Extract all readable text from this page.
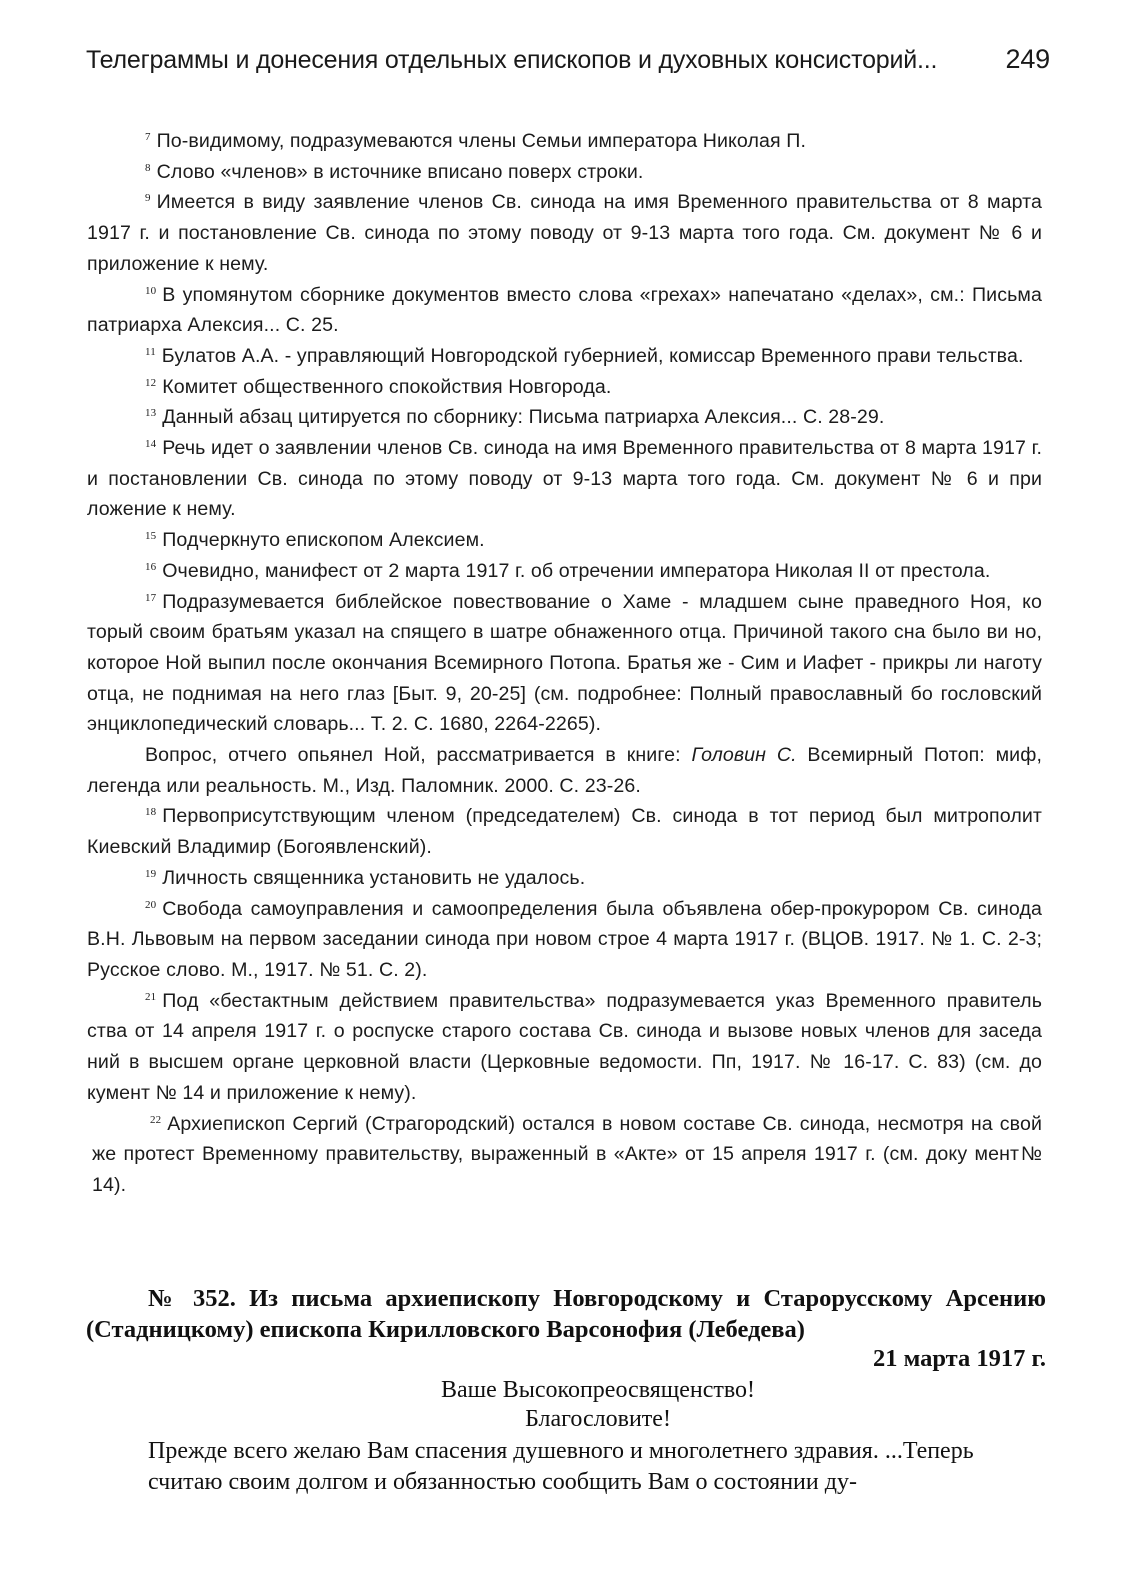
Телеграммы и донесения отдельных епископов и духовных консисторий...	249

$^7$ По-видимому, подразумеваются члены Семьи императора Николая П.

$^8$ Слово «членов» в источнике вписано поверх строки.

$^9$ Имеется в виду заявление членов Св. синода на имя Временного правительства от 8 марта 1917 г. и постановление Св. синода по этому поводу от 9-13 марта того года. См. документ № 6 и приложение к нему.

$^{10}$ В упомянутом сборнике документов вместо слова «грехах» напечатано «делах», см.: Письма патриарха Алексия... С. 25.

$^{11}$ Булатов А.А. - управляющий Новгородской губернией, комиссар Временного прави тельства.

$^{12}$ Комитет общественного спокойствия Новгорода.

$^{13}$ Данный абзац цитируется по сборнику: Письма патриарха Алексия... С. 28-29.

$^{14}$ Речь идет о заявлении членов Св. синода на имя Временного правительства от 8 марта 1917 г. и постановлении Св. синода по этому поводу от 9-13 марта того года. См. документ № 6 и при ложение к нему.

$^{15}$ Подчеркнуто епископом Алексием.

$^{16}$ Очевидно, манифест от 2 марта 1917 г. об отречении императора Николая II от престола.

$^{17}$ Подразумевается библейское повествование о Хаме - младшем сыне праведного Ноя, ко торый своим братьям указал на спящего в шатре обнаженного отца. Причиной такого сна было ви но, которое Ной выпил после окончания Всемирного Потопа. Братья же - Сим и Иафет - прикры ли наготу отца, не поднимая на него глаз [Быт. 9, 20-25] (см. подробнее: Полный православный бо гословский энциклопедический словарь... Т. 2. С. 1680, 2264-2265).

Вопрос, отчего опьянел Ной, рассматривается в книге: Головин С. Всемирный Потоп: миф, легенда или реальность. М., Изд. Паломник. 2000. С. 23-26.

$^{18}$ Первоприсутствующим членом (председателем) Св. синода в тот период был митрополит Киевский Владимир (Богоявленский).

$^{19}$ Личность священника установить не удалось.

$^{20}$ Свобода самоуправления и самоопределения была объявлена обер-прокурором Св. синода В.Н. Львовым на первом заседании синода при новом строе 4 марта 1917 г. (ВЦОВ. 1917. № 1. С. 2-3; Русское слово. М., 1917. № 51. С. 2).

$^{21}$ Под «бестактным действием правительства» подразумевается указ Временного правитель ства от 14 апреля 1917 г. о роспуске старого состава Св. синода и вызове новых членов для заседа ний в высшем органе церковной власти (Церковные ведомости. Пп, 1917. № 16-17. С. 83) (см. до кумент № 14 и приложение к нему).

$^{22}$ Архиепископ Сергий (Страгородский) остался в новом составе Св. синода, несмотря на свой же протест Временному правительству, выраженный в «Акте» от 15 апреля 1917 г. (см. доку мент№ 14).

№ 352. Из письма архиепископу Новгородскому и Старорусскому Арсению (Стадницкому) епископа Кирилловского Варсонофия (Лебедева)

21 марта 1917 г.
Ваше Высокопреосвященство!
Благословите!

Прежде всего желаю Вам спасения душевного и многолетнего здравия. ...Теперь считаю своим долгом и обязанностью сообщить Вам о состоянии ду-
